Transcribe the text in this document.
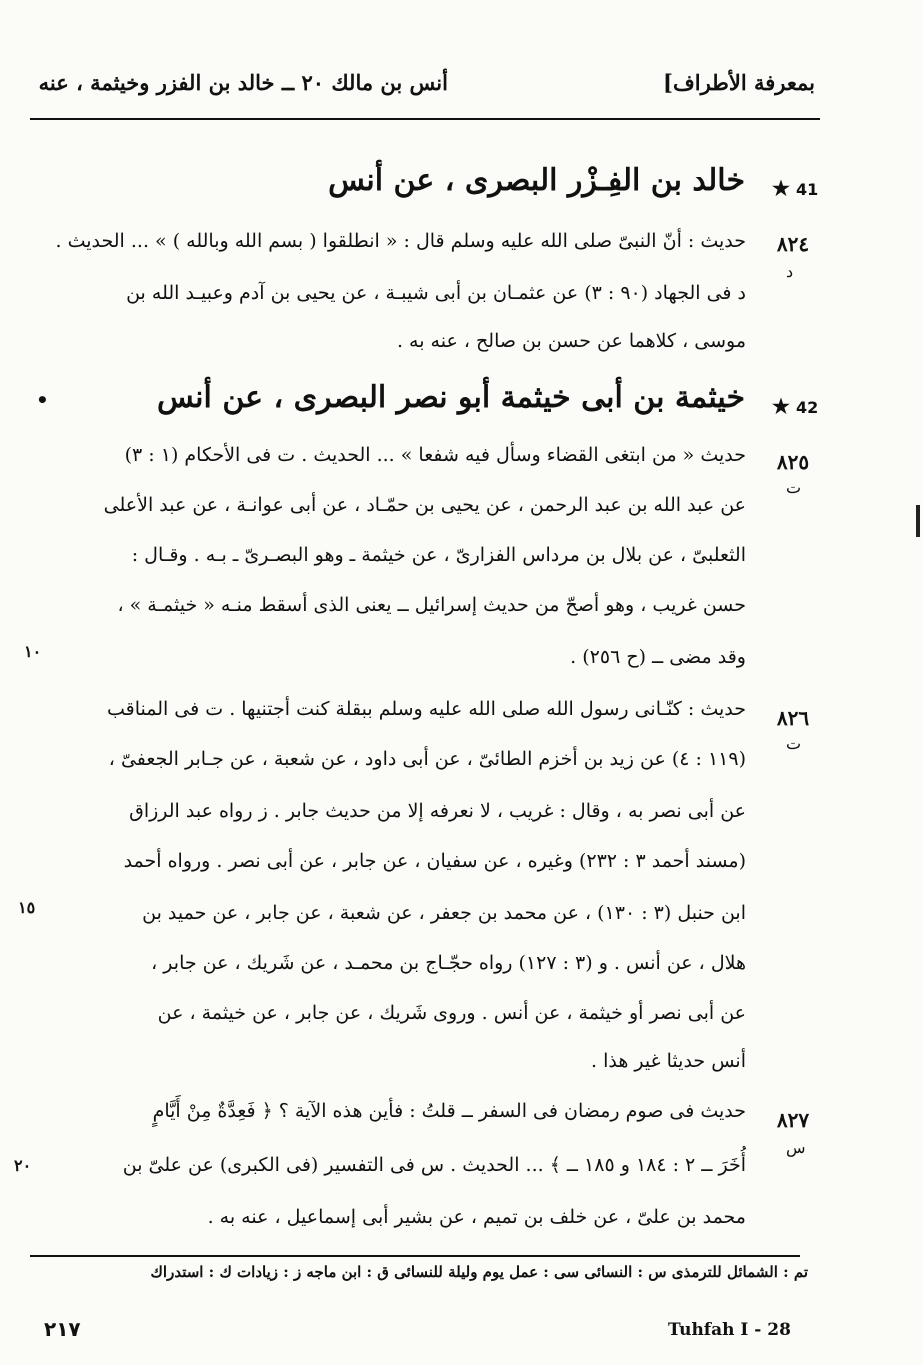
بمعرفة الأطراف]
أنس بن مالك ٢٠ ــ خالد بن الفزر وخيثمة ، عنه
41
★
خالد بن الفِـزْر البصرى ، عن أنس
٨٢٤
د
حديث : أنّ النبىّ صلى الله عليه وسلم قال : « انطلقوا ( بسم الله وبالله ) » ... الحديث .
د فى الجهاد (٩٠ : ٣) عن عثمـان بن أبى شيبـة ، عن يحيى بن آدم وعبيـد الله بن
موسى ، كلاهما عن حسن بن صالح ، عنه به .
42
★
خيثمة بن أبى خيثمة أبو نصر البصرى ، عن أنس
•
٨٢٥
ت
حديث « من ابتغى القضاء وسأل فيه شفعا » ... الحديث . ت فى الأحكام (١ : ٣)
عن عبد الله بن عبد الرحمن ، عن يحيى بن حمّـاد ، عن أبى عوانـة ، عن عبد الأعلى
الثعلبىّ ، عن بلال بن مرداس الفزارىّ ، عن خيثمة ـ وهو البصـرىّ ـ بـه . وقـال :
حسن غريب ، وهو أصحّ من حديث إسرائيل ــ يعنى الذى أسقط منـه « خيثمـة » ،
وقد مضى ــ (ح ٢٥٦) .
٨٢٦
ت
حديث : كنّـانى رسول الله صلى الله عليه وسلم ببقلة كنت أجتنيها . ت فى المناقب
(١١٩ : ٤) عن زيد بن أخزم الطائىّ ، عن أبى داود ، عن شعبة ، عن جـابر الجعفىّ ،
عن أبى نصر به ، وقال : غريب ، لا نعرفه إلا من حديث جابر . ز رواه عبد الرزاق
(مسند أحمد ٣ : ٢٣٢) وغيره ، عن سفيان ، عن جابر ، عن أبى نصر . ورواه أحمد
ابن حنبل (٣ : ١٣٠) ، عن محمد بن جعفر ، عن شعبة ، عن جابر ، عن حميد بن
هلال ، عن أنس . و (٣ : ١٢٧) رواه حجّـاج بن محمـد ، عن شَريك ، عن جابر ،
عن أبى نصر أو خيثمة ، عن أنس . وروى شَريك ، عن جابر ، عن خيثمة ، عن
أنس حديثا غير هذا .
٨٢٧
س
حديث فى صوم رمضان فى السفر ــ قلتُ : فأين هذه الآية ؟ ﴿ فَعِدَّةٌ مِنْ أَيَّامٍ
أُخَرَ ــ ٢ : ١٨٤ و ١٨٥ ــ ﴾ ... الحديث . س فى التفسير (فى الكبرى) عن علىّ بن
محمد بن علىّ ، عن خلف بن تميم ، عن بشير أبى إسماعيل ، عنه به .
١٠
١٥
٢٠
تم : الشمائل للترمذى س : النسائى سى : عمل يوم وليلة للنسائى ق : ابن ماجه ز : زيادات ك : استدراك
٢١٧	Tuhfah I - 28
